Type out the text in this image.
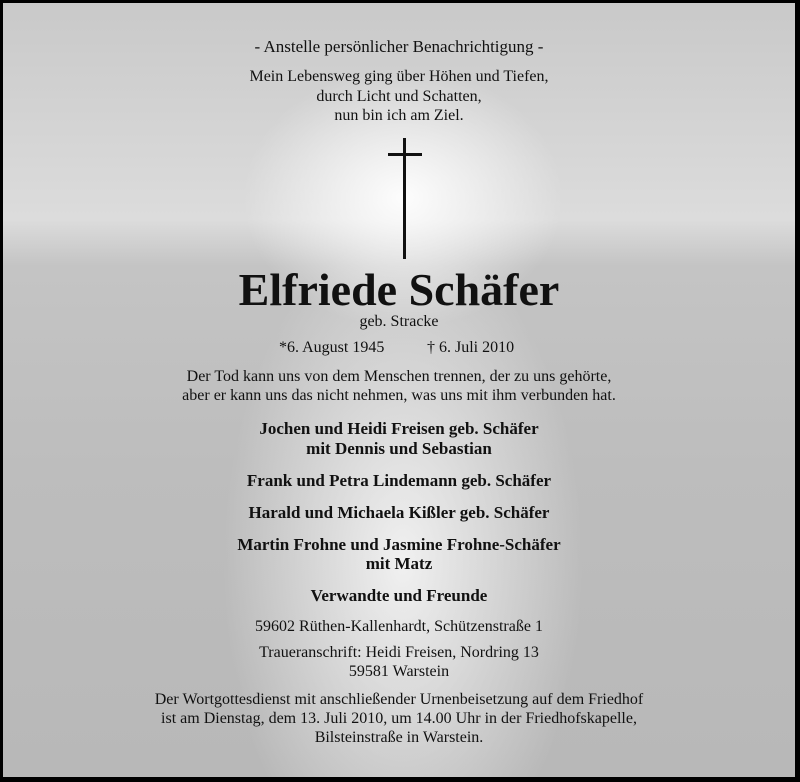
- Anstelle persönlicher Benachrichtigung -
Mein Lebensweg ging über Höhen und Tiefen,
durch Licht und Schatten,
nun bin ich am Ziel.
Elfriede Schäfer
geb. Stracke
*6. August 1945	† 6. Juli 2010
Der Tod kann uns von dem Menschen trennen, der zu uns gehörte,
aber er kann uns das nicht nehmen, was uns mit ihm verbunden hat.
Jochen und Heidi Freisen geb. Schäfer
mit Dennis und Sebastian
Frank und Petra Lindemann geb. Schäfer
Harald und Michaela Kißler geb. Schäfer
Martin Frohne und Jasmine Frohne-Schäfer
mit Matz
Verwandte und Freunde
59602 Rüthen-Kallenhardt, Schützenstraße 1
Traueranschrift: Heidi Freisen, Nordring 13
59581 Warstein
Der Wortgottesdienst mit anschließender Urnenbeisetzung auf dem Friedhof
ist am Dienstag, dem 13. Juli 2010, um 14.00 Uhr in der Friedhofskapelle,
Bilsteinstraße in Warstein.
